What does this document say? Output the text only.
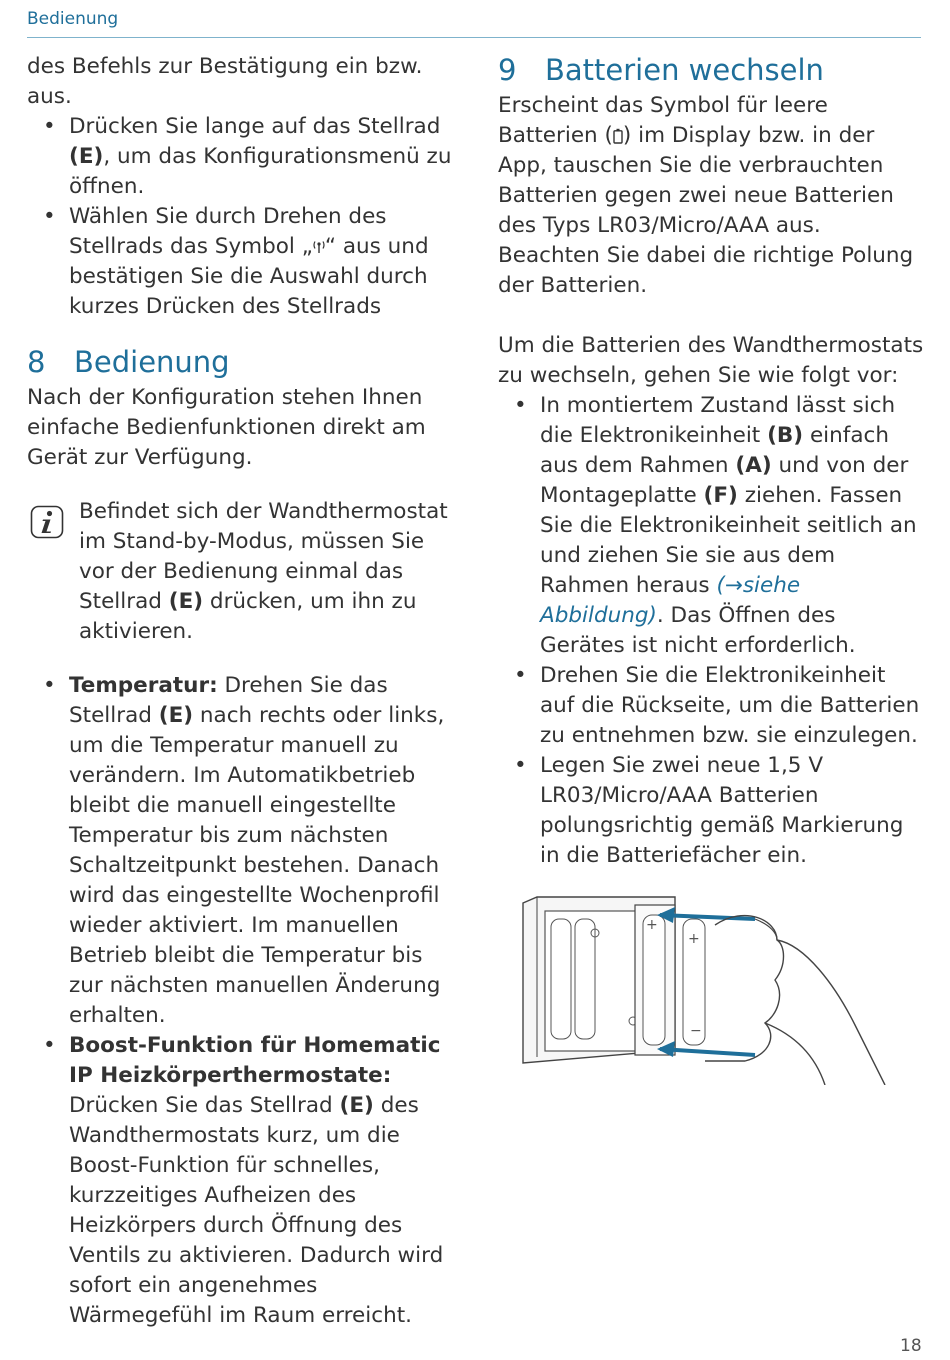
Bedienung

des Befehls zur Bestätigung ein bzw. aus.

• Drücken Sie lange auf das Stellrad (E), um das Konfigurationsmenü zu öffnen.
• Wählen Sie durch Drehen des Stellrads das Symbol „ “ aus und bestätigen Sie die Auswahl durch kurzes Drücken des Stellrads
8 Bedienung

Nach der Konfiguration stehen Ihnen einfache Bedienfunktionen direkt am Gerät zur Verfügung.

Befindet sich der Wandthermostat im Stand-by-Modus, müssen Sie vor der Bedienung einmal das Stellrad (E) drücken, um ihn zu aktivieren.

• Temperatur: Drehen Sie das Stellrad (E) nach rechts oder links, um die Temperatur manuell zu verändern. Im Automatikbetrieb bleibt die manuell eingestellte Temperatur bis zum nächsten Schaltzeitpunkt bestehen. Danach wird das eingestellte Wochenprofil wieder aktiviert. Im manuellen Betrieb bleibt die Temperatur bis zur nächsten manuellen Änderung erhalten.
• Boost-Funktion für Homematic IP Heizkörperthermostate: Drücken Sie das Stellrad (E) des Wandthermostats kurz, um die Boost-Funktion für schnelles, kurzzeitiges Aufheizen des Heizkörpers durch Öffnung des Ventils zu aktivieren. Dadurch wird sofort ein angenehmes Wärmegefühl im Raum erreicht.
9 Batterien wechseln

Erscheint das Symbol für leere Batterien ( ) im Display bzw. in der App, tauschen Sie die verbrauchten Batterien gegen zwei neue Batterien des Typs LR03/Micro/AAA aus. Beachten Sie dabei die richtige Polung der Batterien.

Um die Batterien des Wandthermostats zu wechseln, gehen Sie wie folgt vor:

• In montiertem Zustand lässt sich die Elektronikeinheit (B) einfach aus dem Rahmen (A) und von der Montageplatte (F) ziehen. Fassen Sie die Elektronikeinheit seitlich an und ziehen Sie sie aus dem Rahmen heraus (→siehe Abbildung). Das Öffnen des Gerätes ist nicht erforderlich.
• Drehen Sie die Elektronikeinheit auf die Rückseite, um die Batterien zu entnehmen bzw. sie einzulegen.
• Legen Sie zwei neue 1,5 V LR03/Micro/AAA Batterien polungsrichtig gemäß Markierung in die Batteriefächer ein.
+
+
−
18
